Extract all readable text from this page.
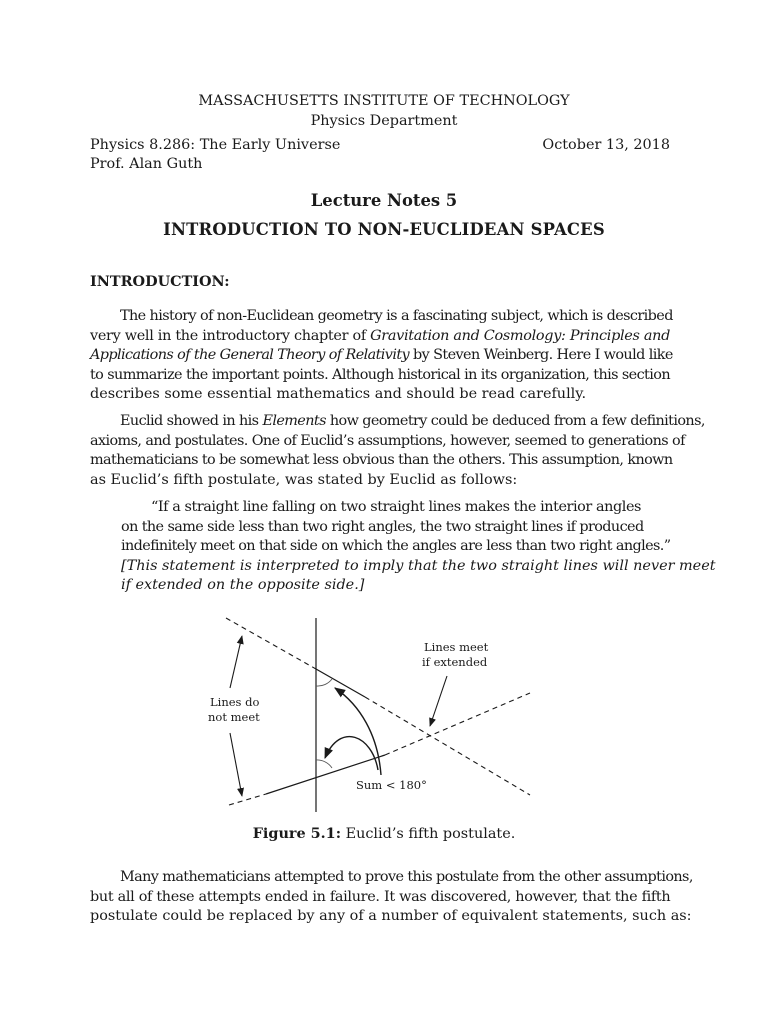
MASSACHUSETTS INSTITUTE OF TECHNOLOGY
Physics Department
Physics 8.286: The Early Universe	October 13, 2018
Prof. Alan Guth
Lecture Notes 5
INTRODUCTION TO NON-EUCLIDEAN SPACES
INTRODUCTION:
The history of non-Euclidean geometry is a fascinating subject, which is described
very well in the introductory chapter of Gravitation and Cosmology: Principles and
Applications of the General Theory of Relativity by Steven Weinberg. Here I would like
to summarize the important points. Although historical in its organization, this section
describes some essential mathematics and should be read carefully.
Euclid showed in his Elements how geometry could be deduced from a few definitions,
axioms, and postulates. One of Euclid’s assumptions, however, seemed to generations of
mathematicians to be somewhat less obvious than the others. This assumption, known
as Euclid’s fifth postulate, was stated by Euclid as follows:
“If a straight line falling on two straight lines makes the interior angles
on the same side less than two right angles, the two straight lines if produced
indefinitely meet on that side on which the angles are less than two right angles.”
[This statement is interpreted to imply that the two straight lines will never meet
if extended on the opposite side.]
Lines meet
if extended
Lines do
not meet
Sum < 180°
Figure 5.1: Euclid’s fifth postulate.
Many mathematicians attempted to prove this postulate from the other assumptions,
but all of these attempts ended in failure. It was discovered, however, that the fifth
postulate could be replaced by any of a number of equivalent statements, such as:
